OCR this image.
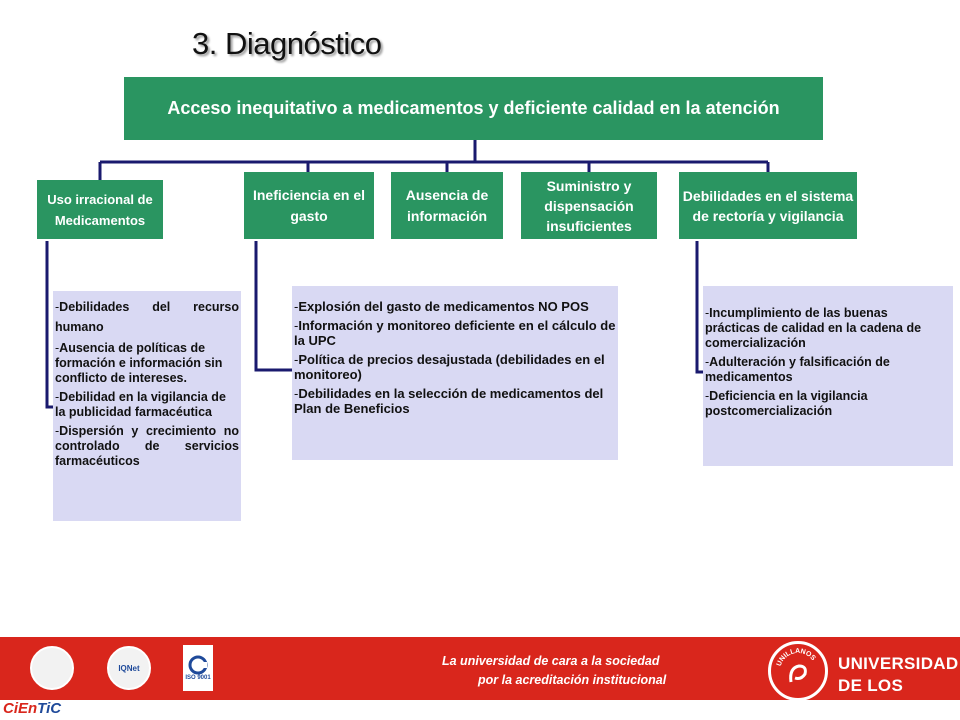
3. Diagnóstico
Acceso inequitativo a medicamentos y deficiente calidad en la atención
Uso irracional de Medicamentos
Ineficiencia en el gasto
Ausencia de información
Suministro y dispensación insuficientes
Debilidades en el sistema de rectoría y vigilancia

- Debilidades del recurso humano

- Ausencia de políticas de formación e información sin conflicto de intereses.

- Debilidad en la vigilancia de la publicidad farmacéutica

- Dispersión y crecimiento no controlado de servicios farmacéuticos

- Explosión del gasto de medicamentos NO POS

- Información y monitoreo deficiente en el cálculo de la UPC

- Política de precios desajustada (debilidades en el monitoreo)

- Debilidades en la selección de medicamentos del Plan de Beneficios

- Incumplimiento de las buenas prácticas de calidad en la cadena de comercialización

- Adulteración y falsificación de medicamentos

- Deficiencia en la vigilancia postcomercialización

IQNet
ISO 9001
La universidad de cara a la sociedad
por la acreditación institucional
UNILLANOS UNIVERSIDAD
DE LOS LLANOS
CiEnTiC
